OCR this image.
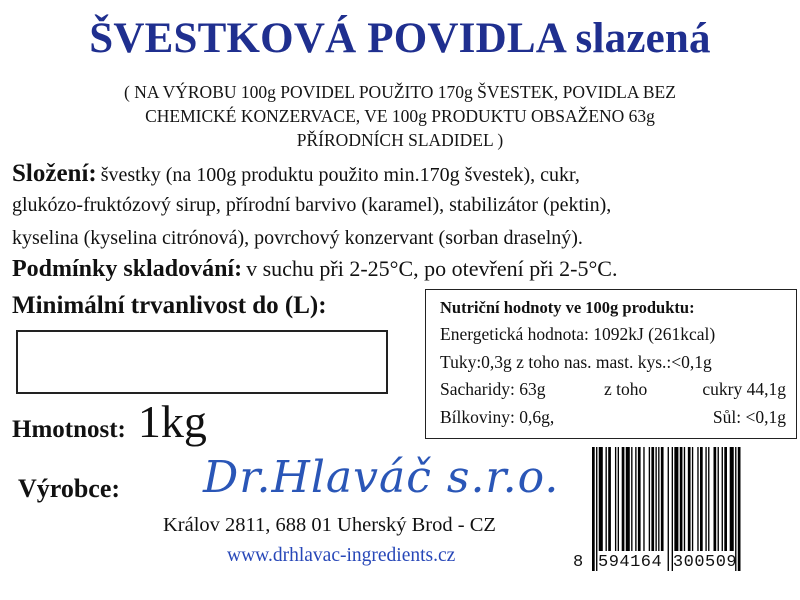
ŠVESTKOVÁ POVIDLA slazená
( NA VÝROBU 100g POVIDEL POUŽITO 170g ŠVESTEK, POVIDLA BEZ
CHEMICKÉ KONZERVACE, VE 100g PRODUKTU OBSAŽENO 63g
PŘÍRODNÍCH SLADIDEL )
Složení: švestky (na 100g produktu použito min.170g švestek), cukr,
glukózo-fruktózový sirup, přírodní barvivo (karamel), stabilizátor (pektin),
kyselina (kyselina citrónová), povrchový konzervant (sorban draselný).
Podmínky skladování: v suchu při 2-25°C, po otevření při 2-5°C.
Minimální trvanlivost do (L):
Hmotnost: 1kg
Nutriční hodnoty ve 100g produktu:
Energetická hodnota: 1092kJ (261kcal)
Tuky:0,3g z toho nas. mast. kys.:<0,1g
Sacharidy: 63g	z toho	cukry 44,1g
Bílkoviny: 0,6g,	Sůl: <0,1g
Výrobce: Dr.Hlaváč s.r.o.
Králov 2811, 688 01 Uherský Brod - CZ
www.drhlavac-ingredients.cz	8 594164 300509
